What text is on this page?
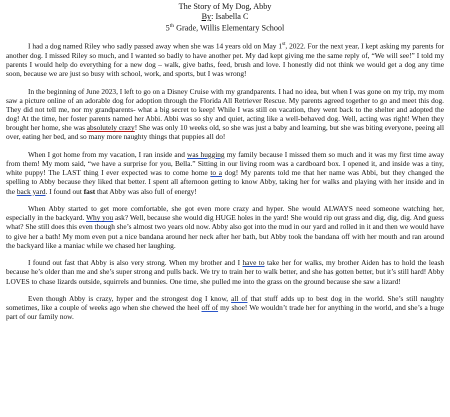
The Story of My Dog, Abby
By: Isabella C
5th Grade, Willis Elementary School

I had a dog named Riley who sadly passed away when she was 14 years old on May 1st, 2022. For the next year, I kept asking my parents for another dog. I missed Riley so much, and I wanted so badly to have another pet. My dad kept giving me the same reply of, “We will see!” I told my parents I would help do everything for a new dog – walk, give baths, feed, brush and love. I honestly did not think we would get a dog any time soon, because we are just so busy with school, work, and sports, but I was wrong!

In the beginning of June 2023, I left to go on a Disney Cruise with my grandparents. I had no idea, but when I was gone on my trip, my mom saw a picture online of an adorable dog for adoption through the Florida All Retriever Rescue. My parents agreed together to go and meet this dog. They did not tell me, nor my grandparents- what a big secret to keep! While I was still on vacation, they went back to the shelter and adopted the dog! At the time, her foster parents named her Abbi. Abbi was so shy and quiet, acting like a well-behaved dog. Well, acting was right! When they brought her home, she was absolutely crazy! She was only 10 weeks old, so she was just a baby and learning, but she was biting everyone, peeing all over, eating her bed, and so many more naughty things that puppies all do!

When I got home from my vacation, I ran inside and was hugging my family because I missed them so much and it was my first time away from them! My mom said, “we have a surprise for you, Bella.” Sitting in our living room was a cardboard box. I opened it, and inside was a tiny, white puppy! The LAST thing I ever expected was to come home to a dog! My parents told me that her name was Abbi, but they changed the spelling to Abby because they liked that better. I spent all afternoon getting to know Abby, taking her for walks and playing with her inside and in the back yard. I found out fast that Abby was also full of energy!

When Abby started to get more comfortable, she got even more crazy and hyper. She would ALWAYS need someone watching her, especially in the backyard. Why you ask? Well, because she would dig HUGE holes in the yard! She would rip out grass and dig, dig, dig. And guess what? She still does this even though she’s almost two years old now. Abby also got into the mud in our yard and rolled in it and then we would have to give her a bath! My mom even put a nice bandana around her neck after her bath, but Abby took the bandana off with her mouth and ran around the backyard like a maniac while we chased her laughing.

I found out fast that Abby is also very strong. When my brother and I have to take her for walks, my brother Aiden has to hold the leash because he’s older than me and she’s super strong and pulls back. We try to train her to walk better, and she has gotten better, but it’s still hard! Abby LOVES to chase lizards outside, squirrels and bunnies. One time, she pulled me into the grass on the ground because she saw a lizard!

Even though Abby is crazy, hyper and the strongest dog I know, all of that stuff adds up to best dog in the world. She’s still naughty sometimes, like a couple of weeks ago when she chewed the heel off of my shoe! We wouldn’t trade her for anything in the world, and she’s a huge part of our family now.
